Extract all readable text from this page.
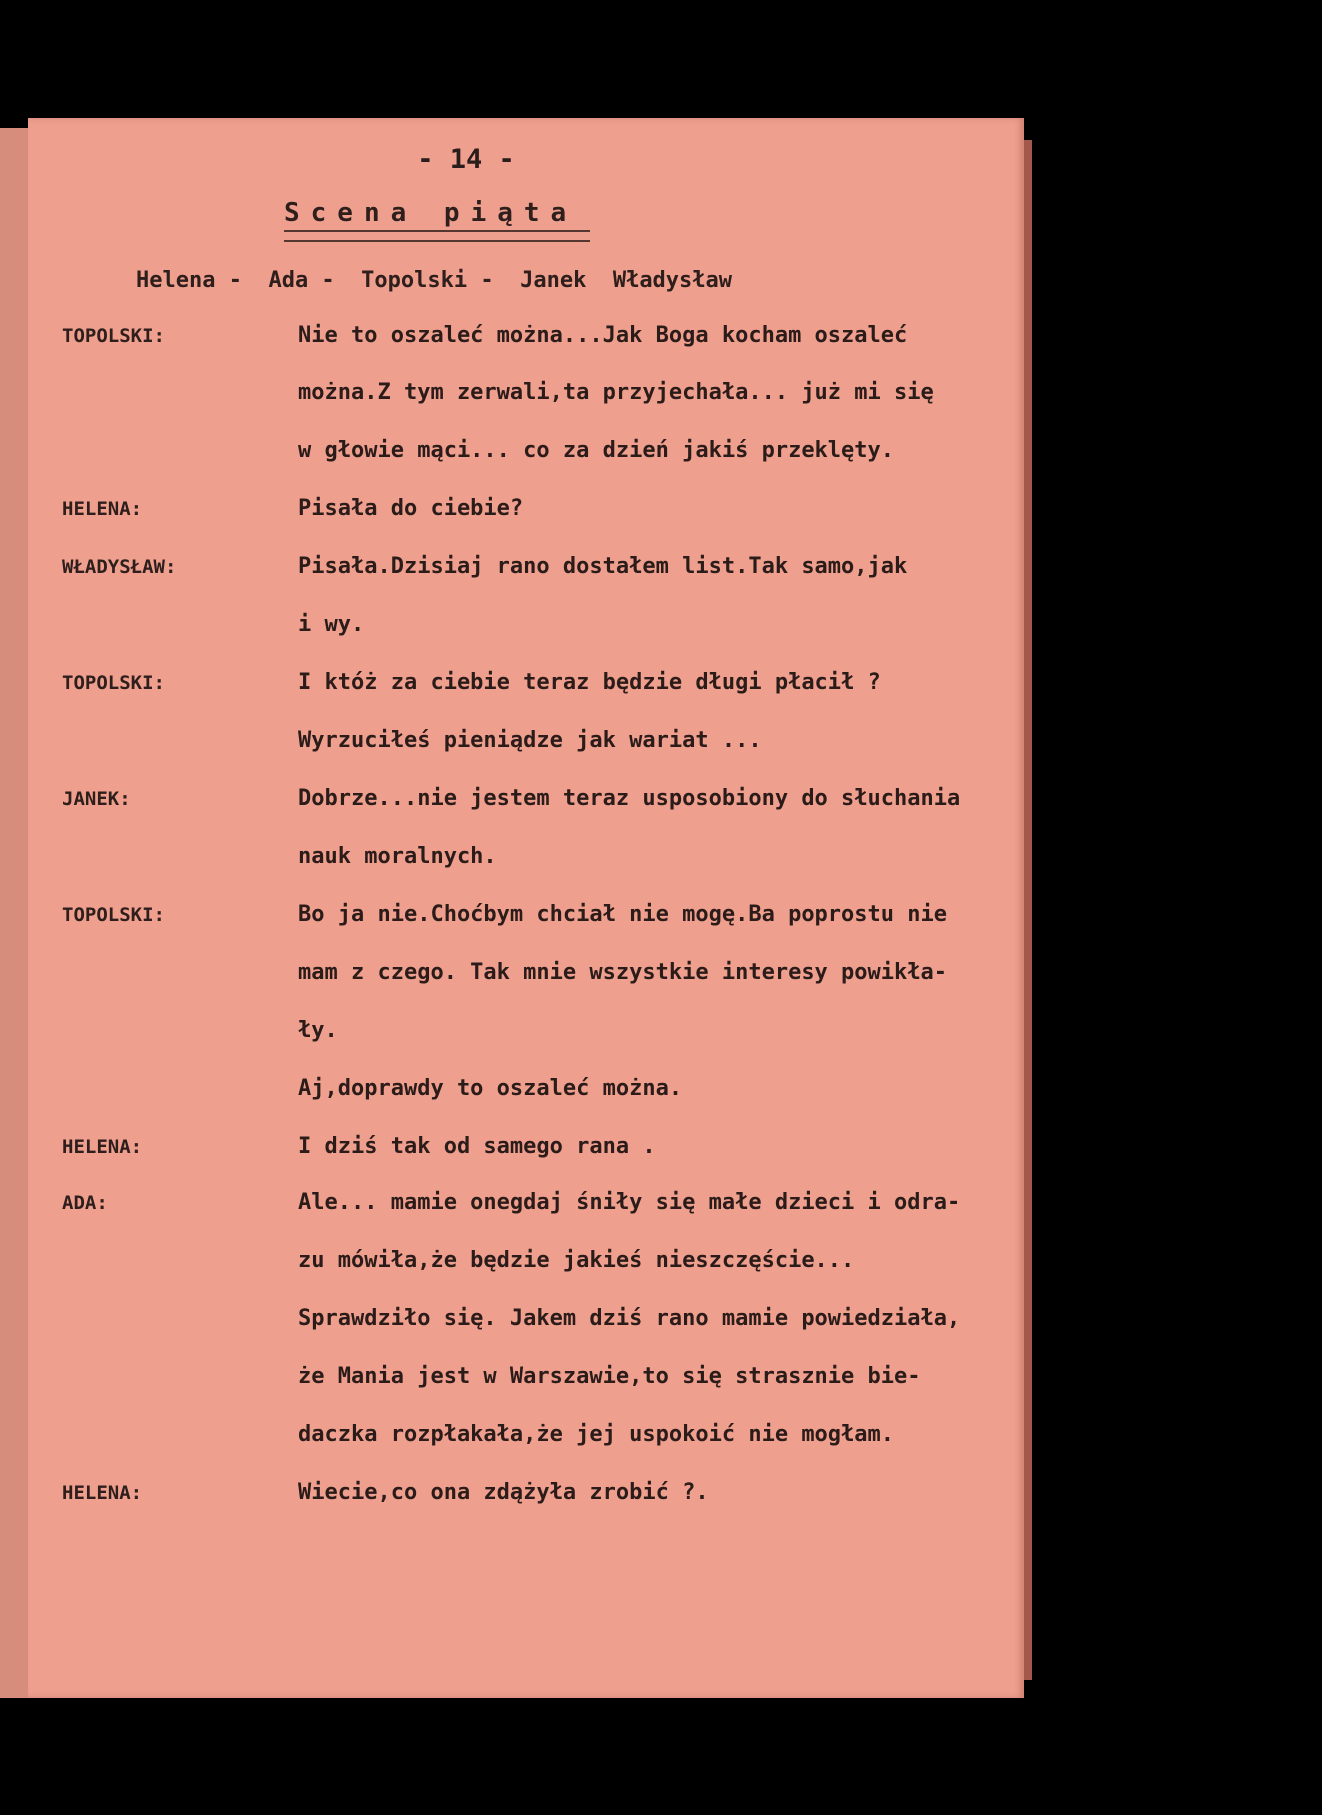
- 14 -
Scena piąta
Helena -  Ada -  Topolski -  Janek  Władysław
TOPOLSKI:	Nie to oszaleć można...Jak Boga kocham oszaleć
można.Z tym zerwali,ta przyjechała... już mi się
w głowie mąci... co za dzień jakiś przeklęty.
HELENA:	Pisała do ciebie?
WŁADYSŁAW:	Pisała.Dzisiaj rano dostałem list.Tak samo,jak
i wy.
TOPOLSKI:	I któż za ciebie teraz będzie długi płacił ?
Wyrzuciłeś pieniądze jak wariat ...
JANEK:	Dobrze...nie jestem teraz usposobiony do słuchania
nauk moralnych.
TOPOLSKI:	Bo ja nie.Choćbym chciał nie mogę.Ba poprostu nie
mam z czego. Tak mnie wszystkie interesy powikła-
ły.
Aj,doprawdy to oszaleć można.
HELENA:	I dziś tak od samego rana .
ADA:	Ale... mamie onegdaj śniły się małe dzieci i odra-
zu mówiła,że będzie jakieś nieszczęście...
Sprawdziło się. Jakem dziś rano mamie powiedziała,
że Mania jest w Warszawie,to się strasznie bie-
daczka rozpłakała,że jej uspokoić nie mogłam.
HELENA:	Wiecie,co ona zdążyła zrobić ?.
